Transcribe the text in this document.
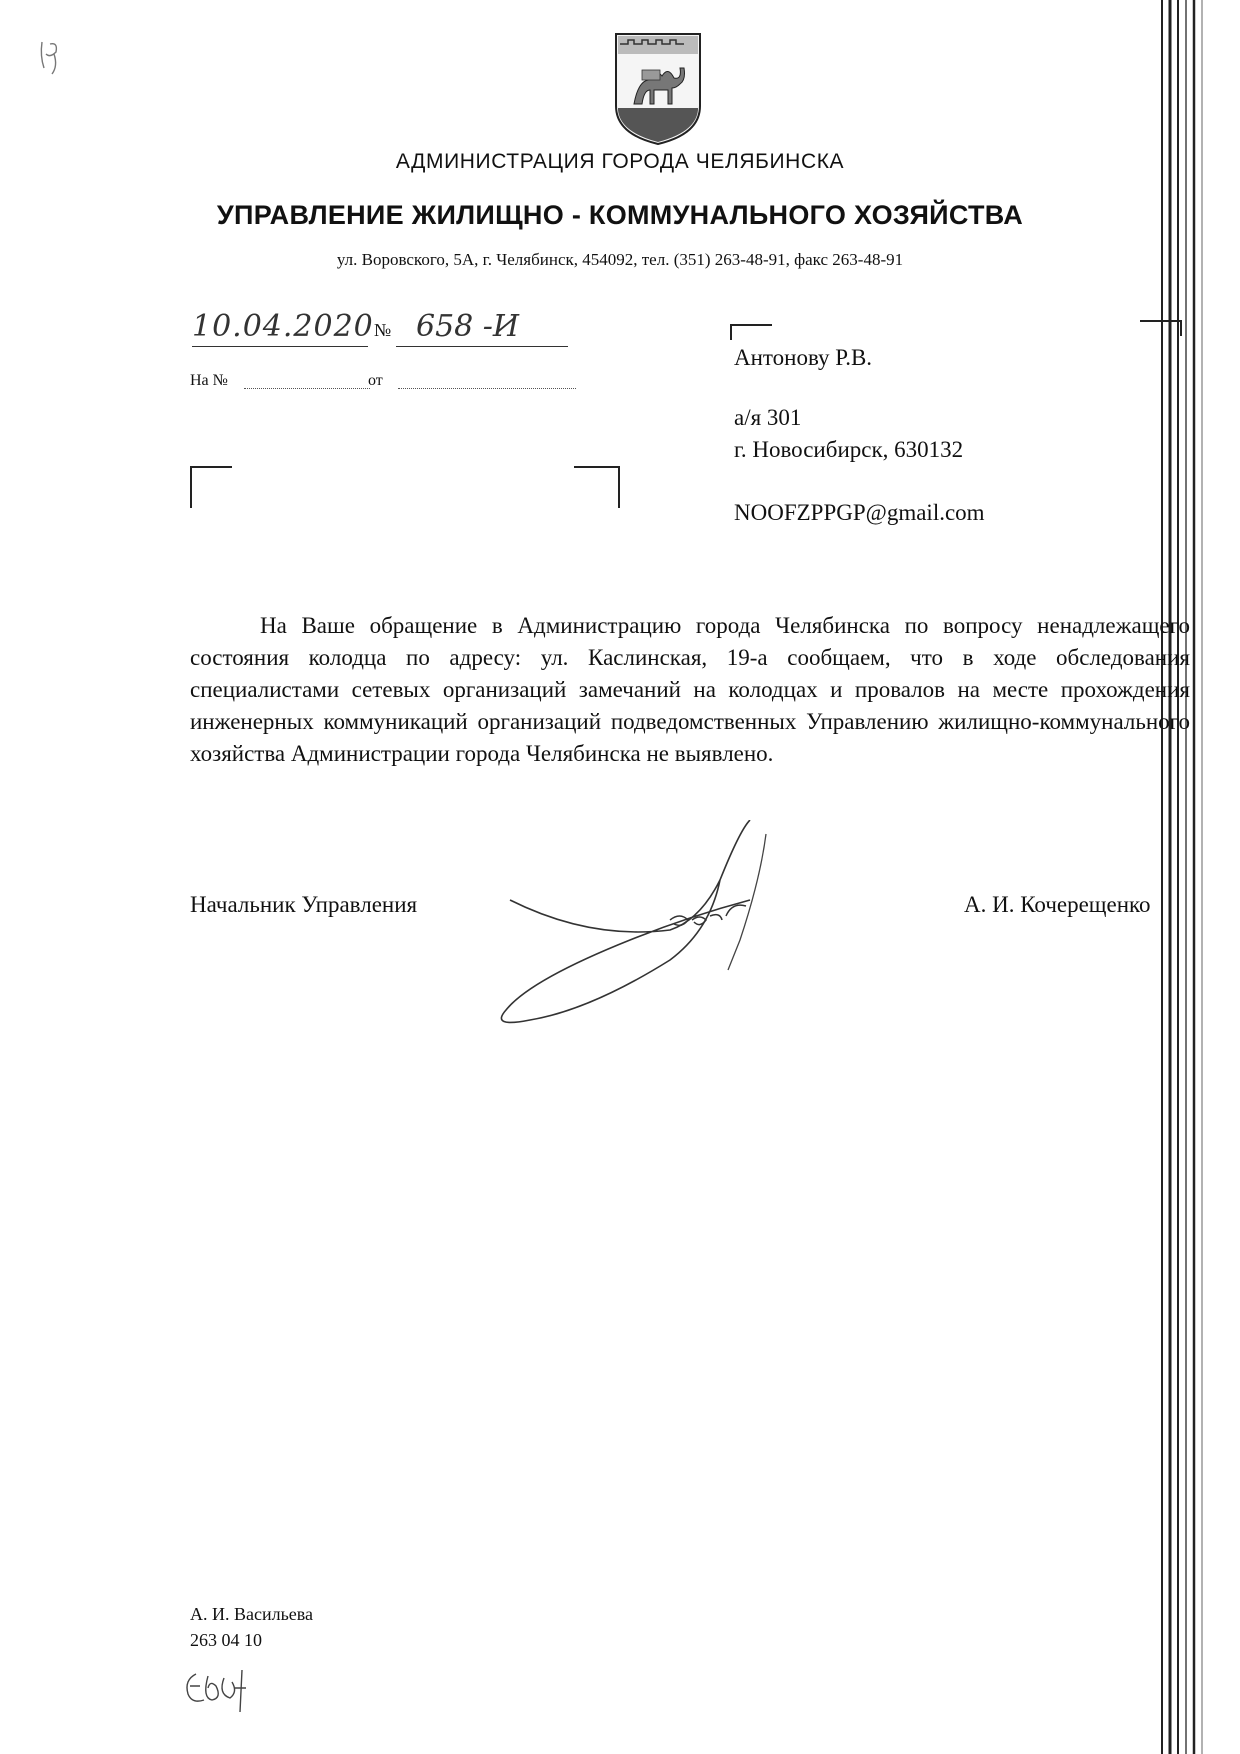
АДМИНИСТРАЦИЯ ГОРОДА ЧЕЛЯБИНСКА
УПРАВЛЕНИЕ ЖИЛИЩНО - КОММУНАЛЬНОГО ХОЗЯЙСТВА
ул. Воровского, 5А, г. Челябинск, 454092, тел. (351) 263-48-91, факс 263-48-91
10.04.2020 № 658 -И
На №	от
Антонову Р.В.
а/я 301
г. Новосибирск, 630132
NOOFZPPGP@gmail.com
На Ваше обращение в Администрацию города Челябинска по вопросу ненадлежащего состояния колодца по адресу: ул. Каслинская, 19-а сообщаем, что в ходе обследования специалистами сетевых организаций замечаний на колодцах и провалов на месте прохождения инженерных коммуникаций организаций подведомственных Управлению жилищно-коммунального хозяйства Администрации города Челябинска не выявлено.
Начальник Управления	А. И. Кочерещенко
А. И. Васильева
263 04 10
